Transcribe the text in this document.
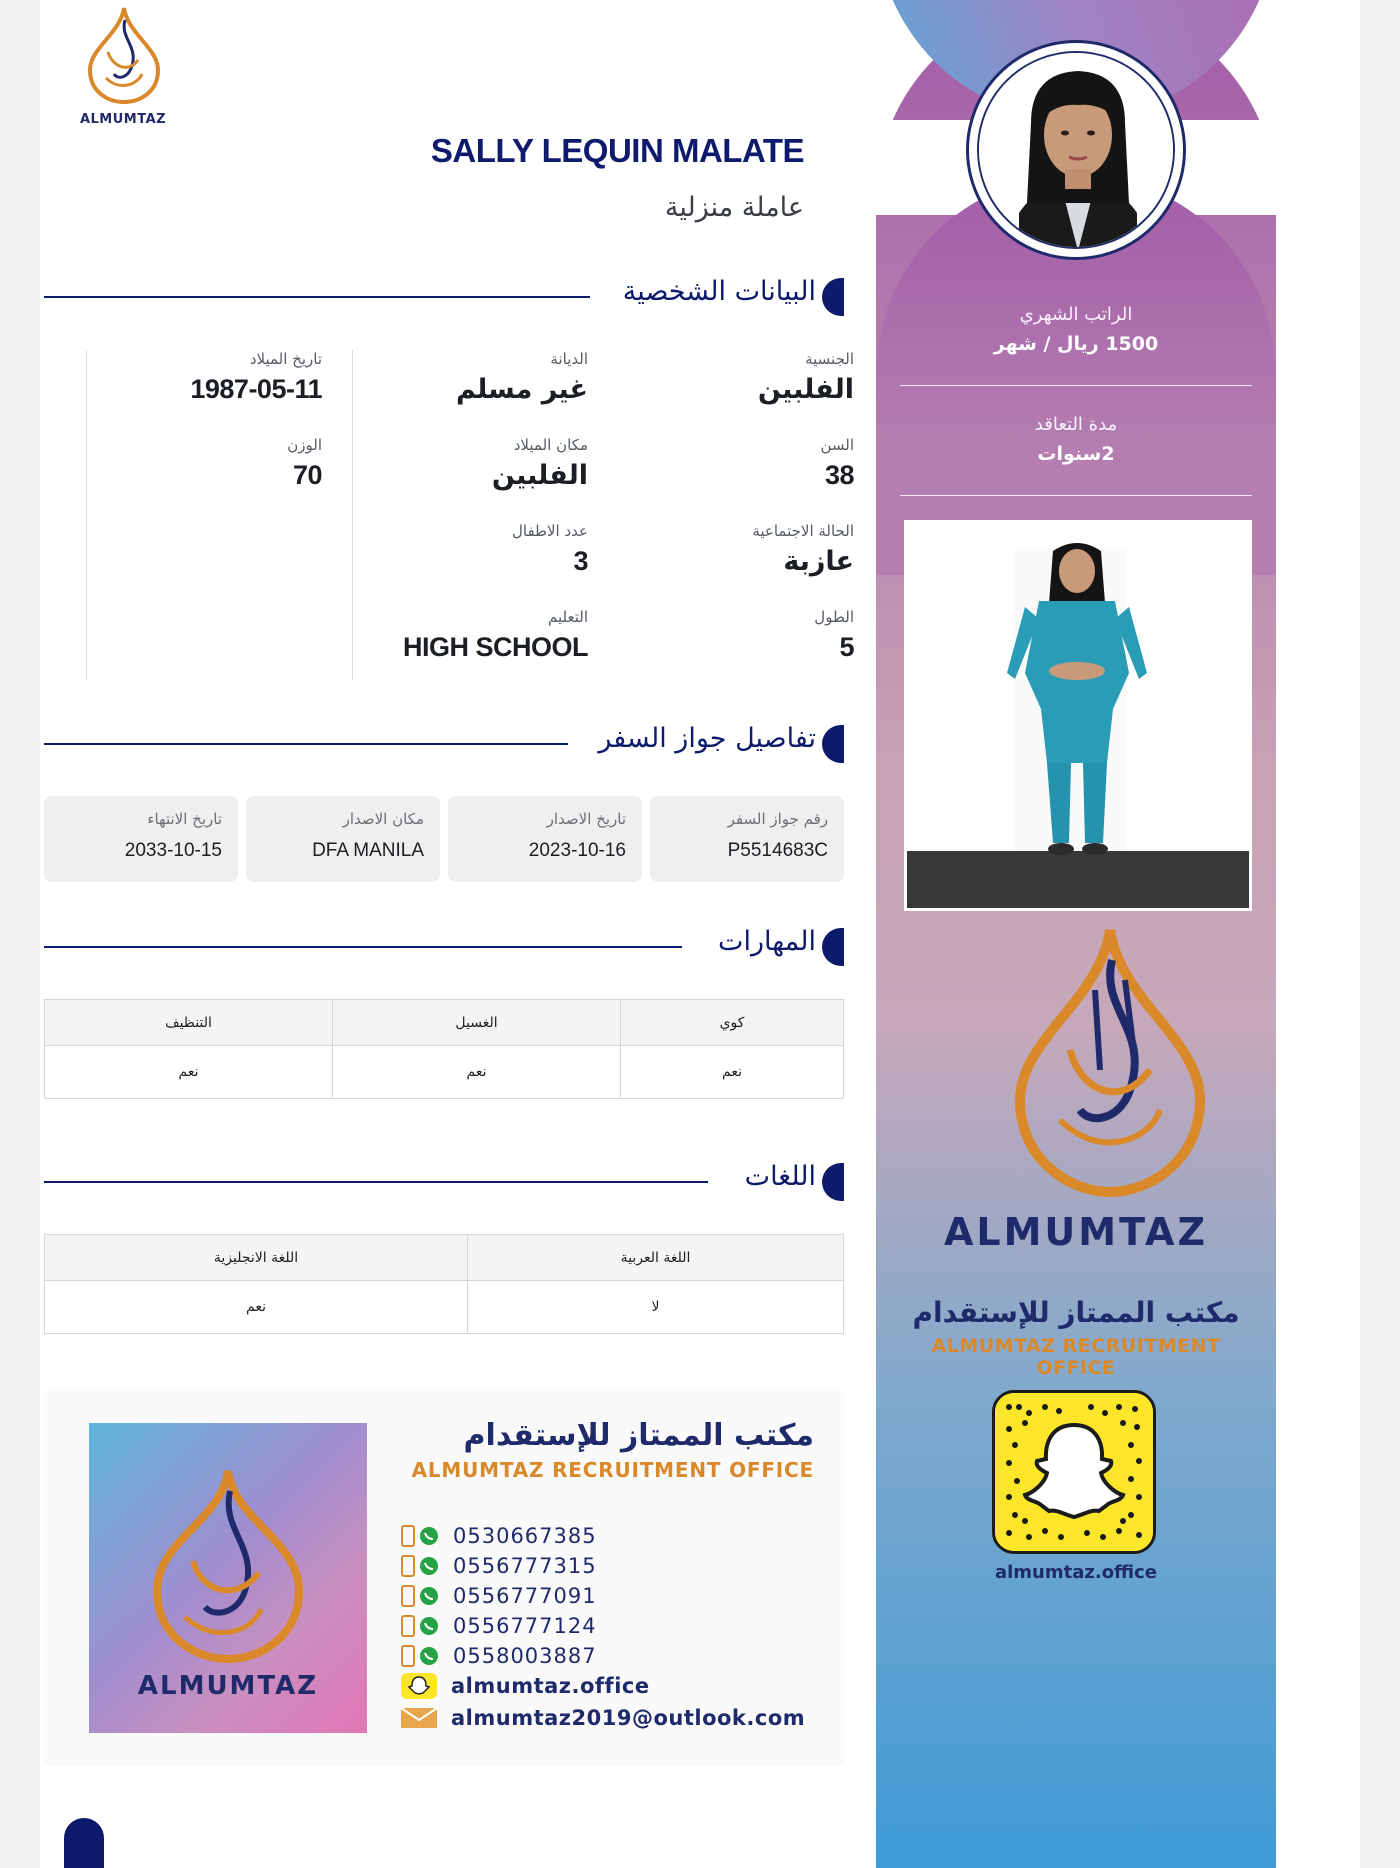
الراتب الشهري
1500 ريال / شهر
مدة التعاقد
2سنوات
ALMUMTAZ
مكتب الممتاز للإستقدام
ALMUMTAZ RECRUITMENT OFFICE
almumtaz.office
ALMUMTAZ
SALLY LEQUIN MALATE
عاملة منزلية
البيانات الشخصية
الجنسية
الفلبين
السن
38
الحالة الاجتماعية
عازبة
الطول
5
الديانة
غير مسلم
مكان الميلاد
الفلبين
عدد الاطفال
3
التعليم
HIGH SCHOOL
تاريخ الميلاد
1987-05-11
الوزن
70
تفاصيل جواز السفر
رقم جواز السفر
P5514683C
تاريخ الاصدار
2023-10-16
مكان الاصدار
DFA MANILA
تاريخ الانتهاء
2033-10-15
المهارات
التنظيف	الغسيل	كوي
نعم	نعم	نعم
اللغات
اللغة الانجليزية	اللغة العربية
نعم	لا
ALMUMTAZ
مكتب الممتاز للإستقدام
ALMUMTAZ RECRUITMENT OFFICE
0530667385
0556777315
0556777091
0556777124
0558003887
almumtaz.office
almumtaz2019@outlook.com
